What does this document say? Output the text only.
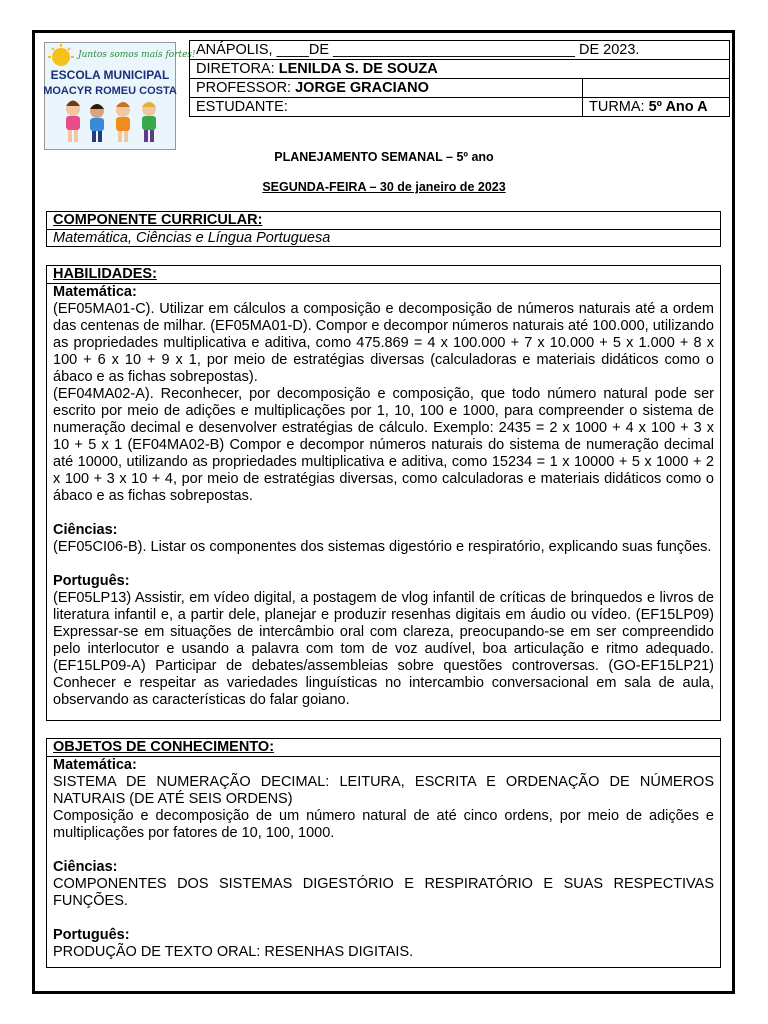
Juntos somos mais fortes!
ESCOLA MUNICIPAL
MOACYR ROMEU COSTA
ANÁPOLIS, ____DE ______________________________ DE 2023.	
DIRETORA: LENILDA S. DE SOUZA	
PROFESSOR: JORGE GRACIANO	
ESTUDANTE:	TURMA: 5º Ano A
PLANEJAMENTO SEMANAL – 5º ano
SEGUNDA-FEIRA – 30 de janeiro de 2023
COMPONENTE CURRICULAR:
Matemática, Ciências e Língua Portuguesa
HABILIDADES:

Matemática:

(EF05MA01-C). Utilizar em cálculos a composição e decomposição de números naturais até a ordem das centenas de milhar. (EF05MA01-D). Compor e decompor números naturais até 100.000, utilizando as propriedades multiplicativa e aditiva, como 475.869 = 4 x 100.000 + 7 x 10.000 + 5 x 1.000 + 8 x 100 + 6 x 10 + 9 x 1, por meio de estratégias diversas (calculadoras e materiais didáticos como o ábaco e as fichas sobrepostas).

(EF04MA02-A). Reconhecer, por decomposição e composição, que todo número natural pode ser escrito por meio de adições e multiplicações por 1, 10, 100 e 1000, para compreender o sistema de numeração decimal e desenvolver estratégias de cálculo. Exemplo: 2435 = 2 x 1000 + 4 x 100 + 3 x 10 + 5 x 1 (EF04MA02-B) Compor e decompor números naturais do sistema de numeração decimal até 10000, utilizando as propriedades multiplicativa e aditiva, como 15234 = 1 x 10000 + 5 x 1000 + 2 x 100 + 3 x 10 + 4, por meio de estratégias diversas, como calculadoras e materiais didáticos como o ábaco e as fichas sobrepostas.

Ciências:

(EF05CI06-B). Listar os componentes dos sistemas digestório e respiratório, explicando suas funções.

Português:

(EF05LP13) Assistir, em vídeo digital, a postagem de vlog infantil de críticas de brinquedos e livros de literatura infantil e, a partir dele, planejar e produzir resenhas digitais em áudio ou vídeo. (EF15LP09) Expressar-se em situações de intercâmbio oral com clareza, preocupando-se em ser compreendido pelo interlocutor e usando a palavra com tom de voz audível, boa articulação e ritmo adequado. (EF15LP09-A) Participar de debates/assembleias sobre questões controversas. (GO-EF15LP21) Conhecer e respeitar as variedades linguísticas no intercambio conversacional em sala de aula, observando as características do falar goiano.

OBJETOS DE CONHECIMENTO:

Matemática:

SISTEMA DE NUMERAÇÃO DECIMAL: LEITURA, ESCRITA E ORDENAÇÃO DE NÚMEROS NATURAIS (DE ATÉ SEIS ORDENS)

Composição e decomposição de um número natural de até cinco ordens, por meio de adições e multiplicações por fatores de 10, 100, 1000.

Ciências:

COMPONENTES DOS SISTEMAS DIGESTÓRIO E RESPIRATÓRIO E SUAS RESPECTIVAS FUNÇÕES.

Português:

PRODUÇÃO DE TEXTO ORAL: RESENHAS DIGITAIS.
